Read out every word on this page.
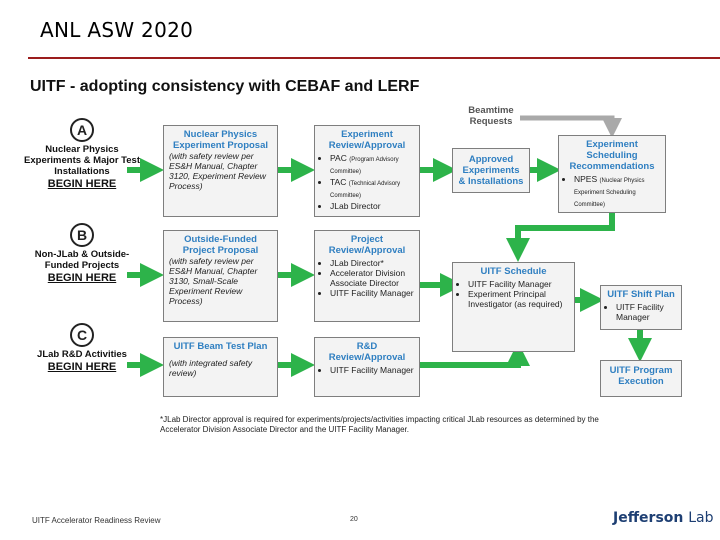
ANL ASW 2020
UITF - adopting consistency with CEBAF and LERF
A
Nuclear Physics Experiments & Major Test Installations
BEGIN HERE
B
Non-JLab & Outside-Funded Projects
BEGIN HERE
C
JLab R&D Activities
BEGIN HERE
Nuclear Physics Experiment Proposal
(with safety review per ES&H Manual, Chapter 3120, Experiment Review Process)
Outside-Funded Project Proposal
(with safety review per ES&H Manual, Chapter 3130, Small-Scale Experiment Review Process)
UITF Beam Test Plan
(with integrated safety review)
Experiment Review/Approval
• PAC (Program Advisory Committee)
• TAC (Technical Advisory Committee)
• JLab Director
Project Review/Approval
• JLab Director*
• Accelerator Division Associate Director
• UITF Facility Manager
R&D Review/Approval
• UITF Facility Manager
Beamtime Requests
Approved Experiments & Installations
UITF Schedule
• UITF Facility Manager
• Experiment Principal Investigator (as required)
Experiment Scheduling Recommendations
• NPES (Nuclear Physics Experiment Scheduling Committee)
UITF Shift Plan
• UITF Facility Manager
UITF Program Execution
*JLab Director approval is required for experiments/projects/activities impacting critical JLab resources as determined by the Accelerator Division Associate Director and the UITF Facility Manager.
UITF Accelerator Readiness Review	20	Jefferson Lab
